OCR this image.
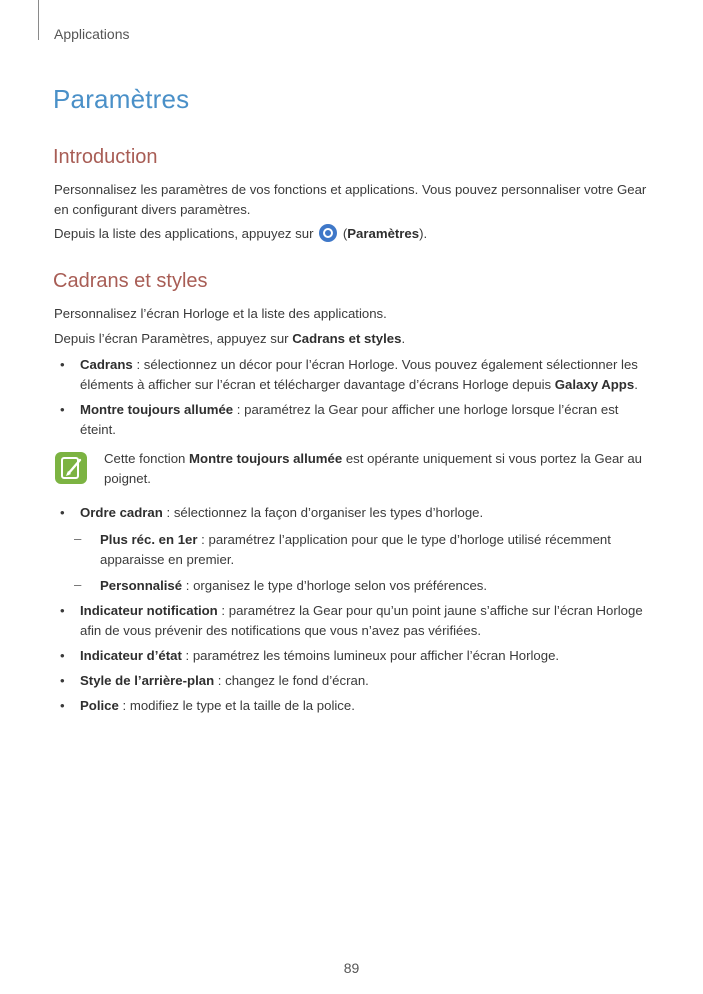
Applications
Paramètres
Introduction

Personnalisez les paramètres de vos fonctions et applications. Vous pouvez personnaliser votre Gear en configurant divers paramètres.

Depuis la liste des applications, appuyez sur  (Paramètres).

Cadrans et styles

Personnalisez l’écran Horloge et la liste des applications.

Depuis l’écran Paramètres, appuyez sur Cadrans et styles.

• Cadrans : sélectionnez un décor pour l’écran Horloge. Vous pouvez également sélectionner les éléments à afficher sur l’écran et télécharger davantage d’écrans Horloge depuis Galaxy Apps.
• Montre toujours allumée : paramétrez la Gear pour afficher une horloge lorsque l’écran est éteint.
Cette fonction Montre toujours allumée est opérante uniquement si vous portez la Gear au poignet.
• Ordre cadran : sélectionnez la façon d’organiser les types d’horloge.
– Plus réc. en 1er : paramétrez l’application pour que le type d’horloge utilisé récemment apparaisse en premier.
– Personnalisé : organisez le type d’horloge selon vos préférences.
• Indicateur notification : paramétrez la Gear pour qu’un point jaune s’affiche sur l’écran Horloge afin de vous prévenir des notifications que vous n’avez pas vérifiées.
• Indicateur d’état : paramétrez les témoins lumineux pour afficher l’écran Horloge.
• Style de l’arrière-plan : changez le fond d’écran.
• Police : modifiez le type et la taille de la police.
89
